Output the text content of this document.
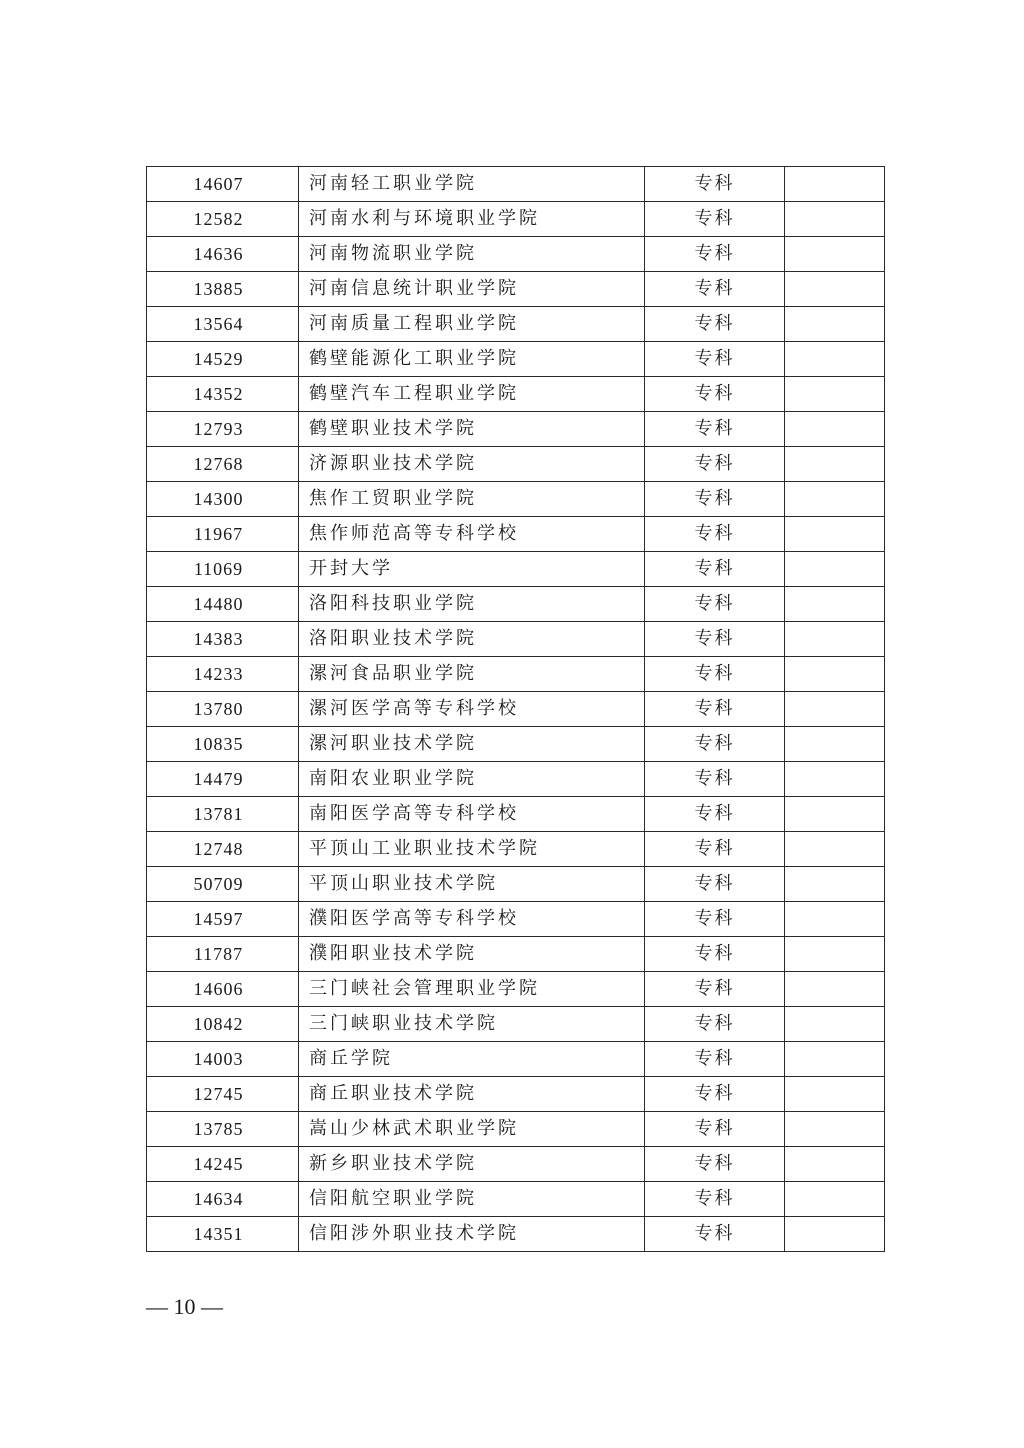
14607	河南轻工职业学院	专科	
12582	河南水利与环境职业学院	专科	
14636	河南物流职业学院	专科	
13885	河南信息统计职业学院	专科	
13564	河南质量工程职业学院	专科	
14529	鹤壁能源化工职业学院	专科	
14352	鹤壁汽车工程职业学院	专科	
12793	鹤壁职业技术学院	专科	
12768	济源职业技术学院	专科	
14300	焦作工贸职业学院	专科	
11967	焦作师范高等专科学校	专科	
11069	开封大学	专科	
14480	洛阳科技职业学院	专科	
14383	洛阳职业技术学院	专科	
14233	漯河食品职业学院	专科	
13780	漯河医学高等专科学校	专科	
10835	漯河职业技术学院	专科	
14479	南阳农业职业学院	专科	
13781	南阳医学高等专科学校	专科	
12748	平顶山工业职业技术学院	专科	
50709	平顶山职业技术学院	专科	
14597	濮阳医学高等专科学校	专科	
11787	濮阳职业技术学院	专科	
14606	三门峡社会管理职业学院	专科	
10842	三门峡职业技术学院	专科	
14003	商丘学院	专科	
12745	商丘职业技术学院	专科	
13785	嵩山少林武术职业学院	专科	
14245	新乡职业技术学院	专科	
14634	信阳航空职业学院	专科	
14351	信阳涉外职业技术学院	专科	
— 10 —
